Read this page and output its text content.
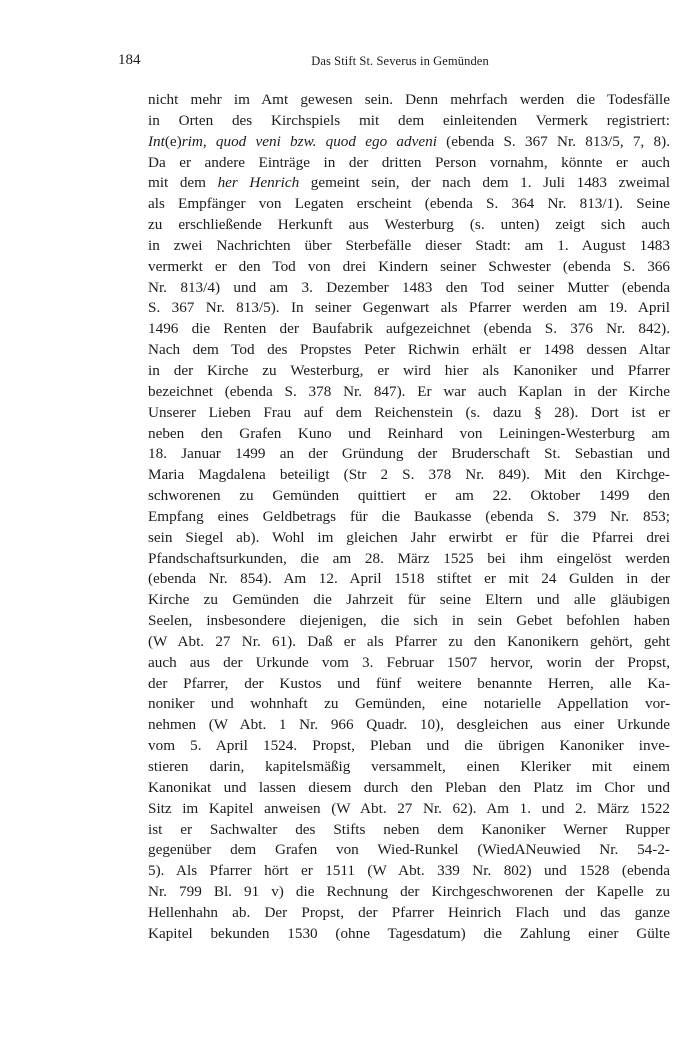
184	Das Stift St. Severus in Gemünden
nicht mehr im Amt gewesen sein. Denn mehrfach werden die Todesfälle
in Orten des Kirchspiels mit dem einleitenden Vermerk registriert:
Int(e)rim, quod veni bzw. quod ego adveni (ebenda S. 367 Nr. 813/5, 7, 8).
Da er andere Einträge in der dritten Person vornahm, könnte er auch
mit dem her Henrich gemeint sein, der nach dem 1. Juli 1483 zweimal
als Empfänger von Legaten erscheint (ebenda S. 364 Nr. 813/1). Seine
zu erschließende Herkunft aus Westerburg (s. unten) zeigt sich auch
in zwei Nachrichten über Sterbefälle dieser Stadt: am 1. August 1483
vermerkt er den Tod von drei Kindern seiner Schwester (ebenda S. 366
Nr. 813/4) und am 3. Dezember 1483 den Tod seiner Mutter (ebenda
S. 367 Nr. 813/5). In seiner Gegenwart als Pfarrer werden am 19. April
1496 die Renten der Baufabrik aufgezeichnet (ebenda S. 376 Nr. 842).
Nach dem Tod des Propstes Peter Richwin erhält er 1498 dessen Altar
in der Kirche zu Westerburg, er wird hier als Kanoniker und Pfarrer
bezeichnet (ebenda S. 378 Nr. 847). Er war auch Kaplan in der Kirche
Unserer Lieben Frau auf dem Reichenstein (s. dazu § 28). Dort ist er
neben den Grafen Kuno und Reinhard von Leiningen-Westerburg am
18. Januar 1499 an der Gründung der Bruderschaft St. Sebastian und
Maria Magdalena beteiligt (Str 2 S. 378 Nr. 849). Mit den Kirchge-
schworenen zu Gemünden quittiert er am 22. Oktober 1499 den
Empfang eines Geldbetrags für die Baukasse (ebenda S. 379 Nr. 853;
sein Siegel ab). Wohl im gleichen Jahr erwirbt er für die Pfarrei drei
Pfandschaftsurkunden, die am 28. März 1525 bei ihm eingelöst werden
(ebenda Nr. 854). Am 12. April 1518 stiftet er mit 24 Gulden in der
Kirche zu Gemünden die Jahrzeit für seine Eltern und alle gläubigen
Seelen, insbesondere diejenigen, die sich in sein Gebet befohlen haben
(W Abt. 27 Nr. 61). Daß er als Pfarrer zu den Kanonikern gehört, geht
auch aus der Urkunde vom 3. Februar 1507 hervor, worin der Propst,
der Pfarrer, der Kustos und fünf weitere benannte Herren, alle Ka-
noniker und wohnhaft zu Gemünden, eine notarielle Appellation vor-
nehmen (W Abt. 1 Nr. 966 Quadr. 10), desgleichen aus einer Urkunde
vom 5. April 1524. Propst, Pleban und die übrigen Kanoniker inve-
stieren darin, kapitelsmäßig versammelt, einen Kleriker mit einem
Kanonikat und lassen diesem durch den Pleban den Platz im Chor und
Sitz im Kapitel anweisen (W Abt. 27 Nr. 62). Am 1. und 2. März 1522
ist er Sachwalter des Stifts neben dem Kanoniker Werner Rupper
gegenüber dem Grafen von Wied-Runkel (WiedANeuwied Nr. 54-2-
5). Als Pfarrer hört er 1511 (W Abt. 339 Nr. 802) und 1528 (ebenda
Nr. 799 Bl. 91 v) die Rechnung der Kirchgeschworenen der Kapelle zu
Hellenhahn ab. Der Propst, der Pfarrer Heinrich Flach und das ganze
Kapitel bekunden 1530 (ohne Tagesdatum) die Zahlung einer Gülte
